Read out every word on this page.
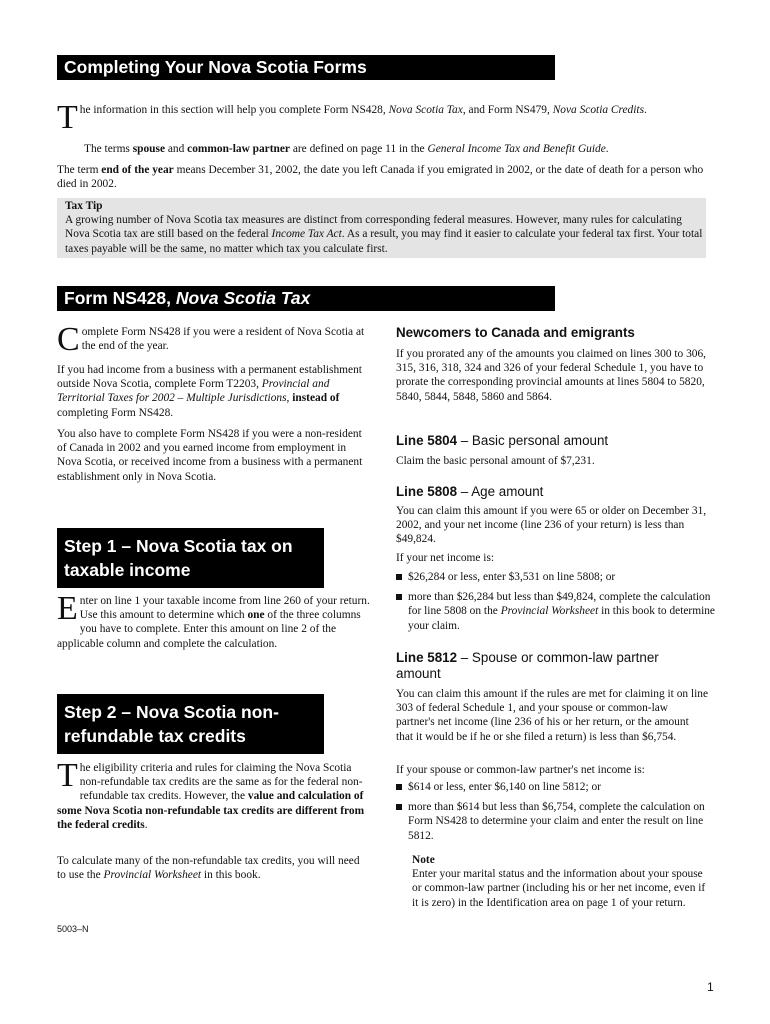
Completing Your Nova Scotia Forms
T he information in this section will help you complete Form NS428, Nova Scotia Tax, and Form NS479, Nova Scotia Credits.
The terms spouse and common-law partner are defined on page 11 in the General Income Tax and Benefit Guide.
The term end of the year means December 31, 2002, the date you left Canada if you emigrated in 2002, or the date of death for a person who died in 2002.
Tax Tip
A growing number of Nova Scotia tax measures are distinct from corresponding federal measures. However, many rules for calculating Nova Scotia tax are still based on the federal Income Tax Act. As a result, you may find it easier to calculate your federal tax first. Your total taxes payable will be the same, no matter which tax you calculate first.
Form NS428, Nova Scotia Tax
C omplete Form NS428 if you were a resident of Nova Scotia at the end of the year.
If you had income from a business with a permanent establishment outside Nova Scotia, complete Form T2203, Provincial and Territorial Taxes for 2002 – Multiple Jurisdictions, instead of completing Form NS428.
You also have to complete Form NS428 if you were a non-resident of Canada in 2002 and you earned income from employment in Nova Scotia, or received income from a business with a permanent establishment only in Nova Scotia.
Step 1 – Nova Scotia tax on taxable income
E nter on line 1 your taxable income from line 260 of your return. Use this amount to determine which one of the three columns you have to complete. Enter this amount on line 2 of the applicable column and complete the calculation.
Step 2 – Nova Scotia non-refundable tax credits
T he eligibility criteria and rules for claiming the Nova Scotia non-refundable tax credits are the same as for the federal non-refundable tax credits. However, the value and calculation of some Nova Scotia non-refundable tax credits are different from the federal credits.
To calculate many of the non-refundable tax credits, you will need to use the Provincial Worksheet in this book.
5003–N
Newcomers to Canada and emigrants
If you prorated any of the amounts you claimed on lines 300 to 306, 315, 316, 318, 324 and 326 of your federal Schedule 1, you have to prorate the corresponding provincial amounts at lines 5804 to 5820, 5840, 5844, 5848, 5860 and 5864.
Line 5804 – Basic personal amount
Claim the basic personal amount of $7,231.
Line 5808 – Age amount
You can claim this amount if you were 65 or older on December 31, 2002, and your net income (line 236 of your return) is less than $49,824.
If your net income is:
$26,284 or less, enter $3,531 on line 5808; or
more than $26,284 but less than $49,824, complete the calculation for line 5808 on the Provincial Worksheet in this book to determine your claim.
Line 5812 – Spouse or common-law partner amount
You can claim this amount if the rules are met for claiming it on line 303 of federal Schedule 1, and your spouse or common-law partner's net income (line 236 of his or her return, or the amount that it would be if he or she filed a return) is less than $6,754.
If your spouse or common-law partner's net income is:
$614 or less, enter $6,140 on line 5812; or
more than $614 but less than $6,754, complete the calculation on Form NS428 to determine your claim and enter the result on line 5812.
Note
Enter your marital status and the information about your spouse or common-law partner (including his or her net income, even if it is zero) in the Identification area on page 1 of your return.
1
